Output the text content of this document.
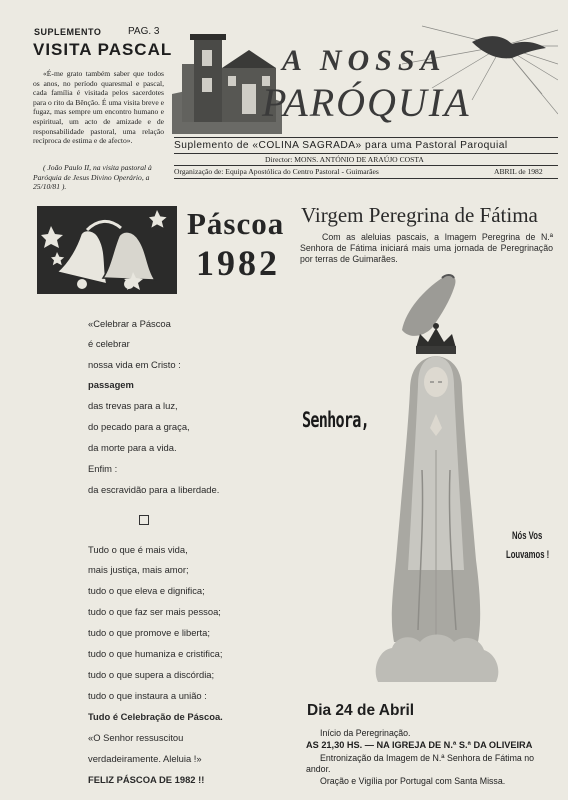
SUPLEMENTO	PAG. 3
VISITA PASCAL
«É-me grato também saber que todos os anos, no período quaresmal e pascal, cada família é visitada pelos sacerdotes para o rito da Bênção. É uma visita breve e fugaz, mas sempre um encontro humano e espiritual, um acto de amizade e de responsabilidade pastoral, uma relação recíproca de estima e de afecto».
( João Paulo II, na visita pastoral à Paróquia de Jesus Divino Operário, a 25/10/81 ).
A NOSSA
PARÓQUIA
Suplemento de «COLINA SAGRADA» para uma Pastoral Paroquial
Director: MONS. ANTÓNIO DE ARAÚJO COSTA
Organização de: Equipa Apostólica do Centro Pastoral - Guimarães	ABRIL de 1982
Páscoa
1982
«Celebrar a Páscoa
é celebrar
nossa vida em Cristo :
passagem
das trevas para a luz,
do pecado para a graça,
da morte para a vida.
Enfim :
da escravidão para a liberdade.
Tudo o que é mais vida,
mais justiça, mais amor;
tudo o que eleva e dignifica;
tudo o que faz ser mais pessoa;
tudo o que promove e liberta;
tudo o que humaniza e cristifica;
tudo o que supera a discórdia;
tudo o que instaura a união :
Tudo é Celebração de Páscoa.
«O Senhor ressuscitou
verdadeiramente. Aleluia !»
FELIZ PÁSCOA DE 1982 !!
Virgem Peregrina de Fátima
Com as aleluias pascais, a Imagem Peregrina de N.ª Senhora de Fátima iniciará mais uma jornada de Peregrinação por terras de Guimarães.
Senhora,
Nós Vos
Louvamos !
Dia 24 de Abril
Início da Peregrinação.
AS 21,30 HS. — NA IGREJA DE N.ª S.ª DA OLIVEIRA
Entronização da Imagem de N.ª Senhora de Fátima no andor.
Oração e Vigília por Portugal com Santa Missa.
